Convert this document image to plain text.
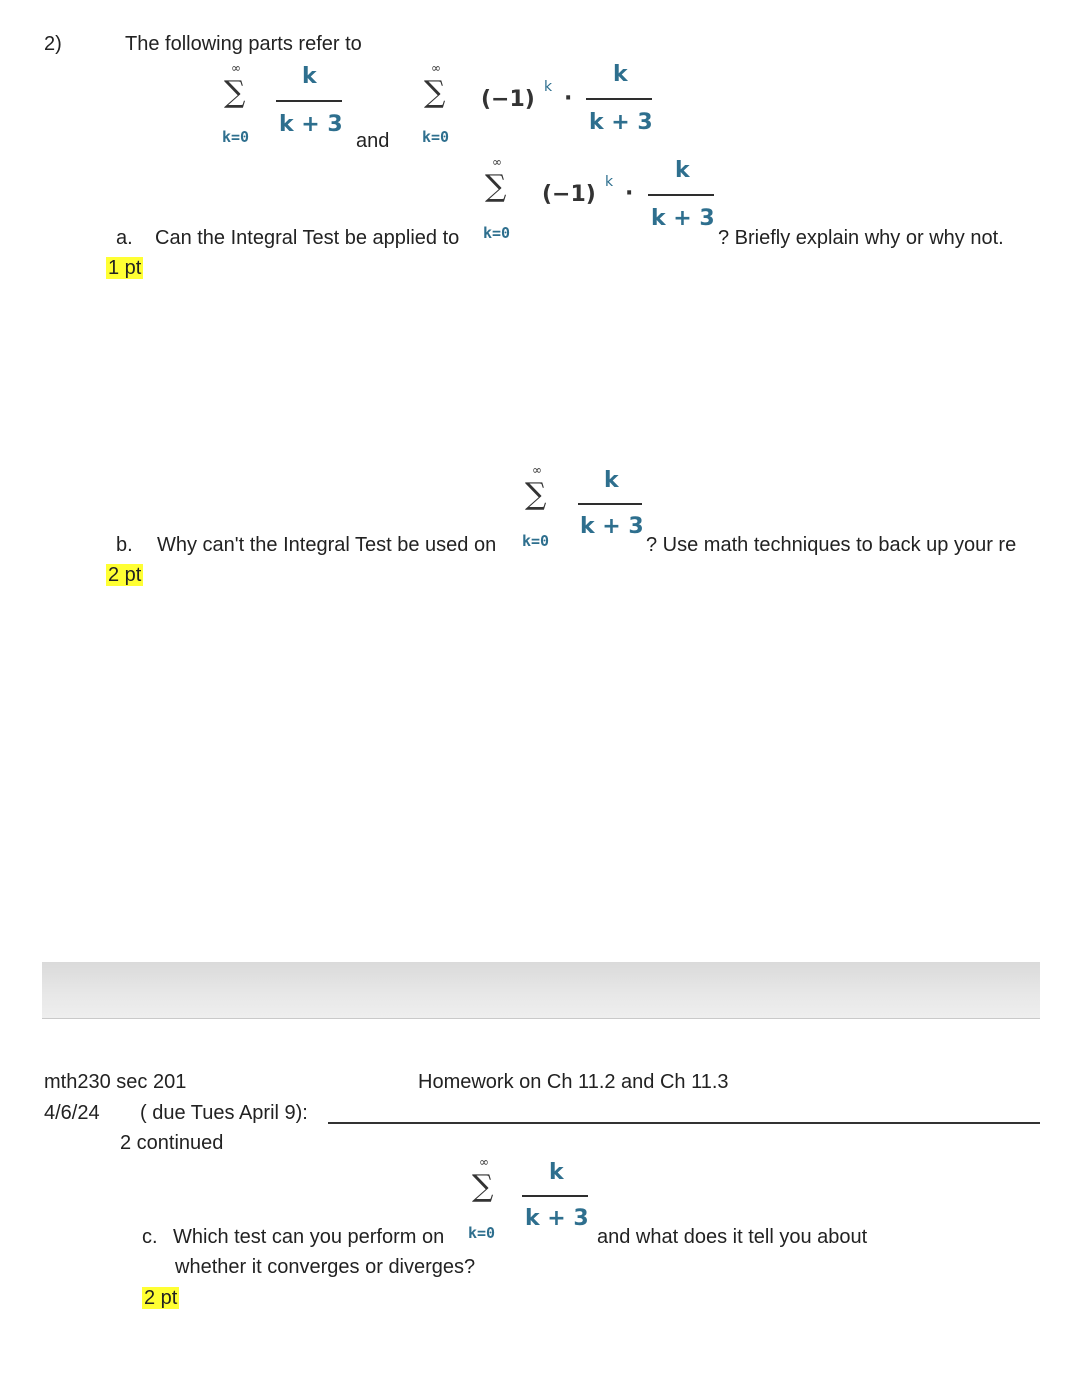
2)	The following parts refer to
∞
∑
k=0
k
k + 3
and
∞
∑
k=0
(−1) k ·
k
k + 3
a. Can the Integral Test be applied to
∞
∑
k=0
(−1) k ·
k
k + 3
? Briefly explain why or why not.
1 pt
b. Why can't the Integral Test be used on
∞
∑
k=0
k
k + 3
? Use math techniques to back up your re
2 pt
mth230 sec 201	Homework on Ch 11.2 and Ch 11.3
4/6/24 ( due Tues April 9):
2 continued
c. Which test can you perform on
∞
∑
k=0
k
k + 3
and what does it tell you about
whether it converges or diverges?
2 pt
